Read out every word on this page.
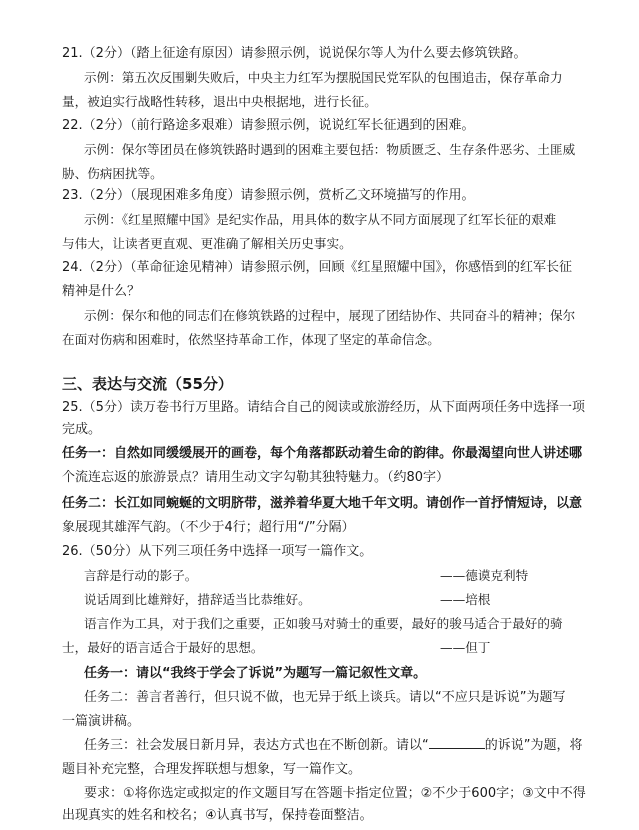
21.（2分）（踏上征途有原因）请参照示例，说说保尔等人为什么要去修筑铁路。
示例：第五次反围剿失败后，中央主力红军为摆脱国民党军队的包围追击，保存革命力
量，被迫实行战略性转移，退出中央根据地，进行长征。
22.（2分）（前行路途多艰难）请参照示例，说说红军长征遇到的困难。
示例：保尔等团员在修筑铁路时遇到的困难主要包括：物质匮乏、生存条件恶劣、土匪威
胁、伤病困扰等。
23.（2分）（展现困难多角度）请参照示例，赏析乙文环境描写的作用。
示例：《红星照耀中国》是纪实作品，用具体的数字从不同方面展现了红军长征的艰难
与伟大，让读者更直观、更准确了解相关历史事实。
24.（2分）（革命征途见精神）请参照示例，回顾《红星照耀中国》，你感悟到的红军长征
精神是什么？
示例：保尔和他的同志们在修筑铁路的过程中，展现了团结协作、共同奋斗的精神；保尔
在面对伤病和困难时，依然坚持革命工作，体现了坚定的革命信念。
三、表达与交流（55分）
25.（5分）读万卷书行万里路。请结合自己的阅读或旅游经历，从下面两项任务中选择一项
完成。
任务一：自然如同缓缓展开的画卷，每个角落都跃动着生命的韵律。你最渴望向世人讲述哪
个流连忘返的旅游景点？请用生动文字勾勒其独特魅力。（约80字）
任务二：长江如同蜿蜒的文明脐带，滋养着华夏大地千年文明。请创作一首抒情短诗，以意
象展现其雄浑气韵。（不少于4行；超行用“/”分隔）
26.（50分）从下列三项任务中选择一项写一篇作文。
言辞是行动的影子。	——德谟克利特
说话周到比雄辩好，措辞适当比恭维好。	——培根
语言作为工具，对于我们之重要，正如骏马对骑士的重要，最好的骏马适合于最好的骑
士，最好的语言适合于最好的思想。	——但丁
任务一：请以“我终于学会了诉说”为题写一篇记叙性文章。
任务二：善言者善行，但只说不做，也无异于纸上谈兵。请以“不应只是诉说”为题写
一篇演讲稿。
任务三：社会发展日新月异，表达方式也在不断创新。请以“	的诉说”为题，将
题目补充完整，合理发挥联想与想象，写一篇作文。
要求：①将你选定或拟定的作文题目写在答题卡指定位置；②不少于600字；③文中不得
出现真实的姓名和校名；④认真书写，保持卷面整洁。
